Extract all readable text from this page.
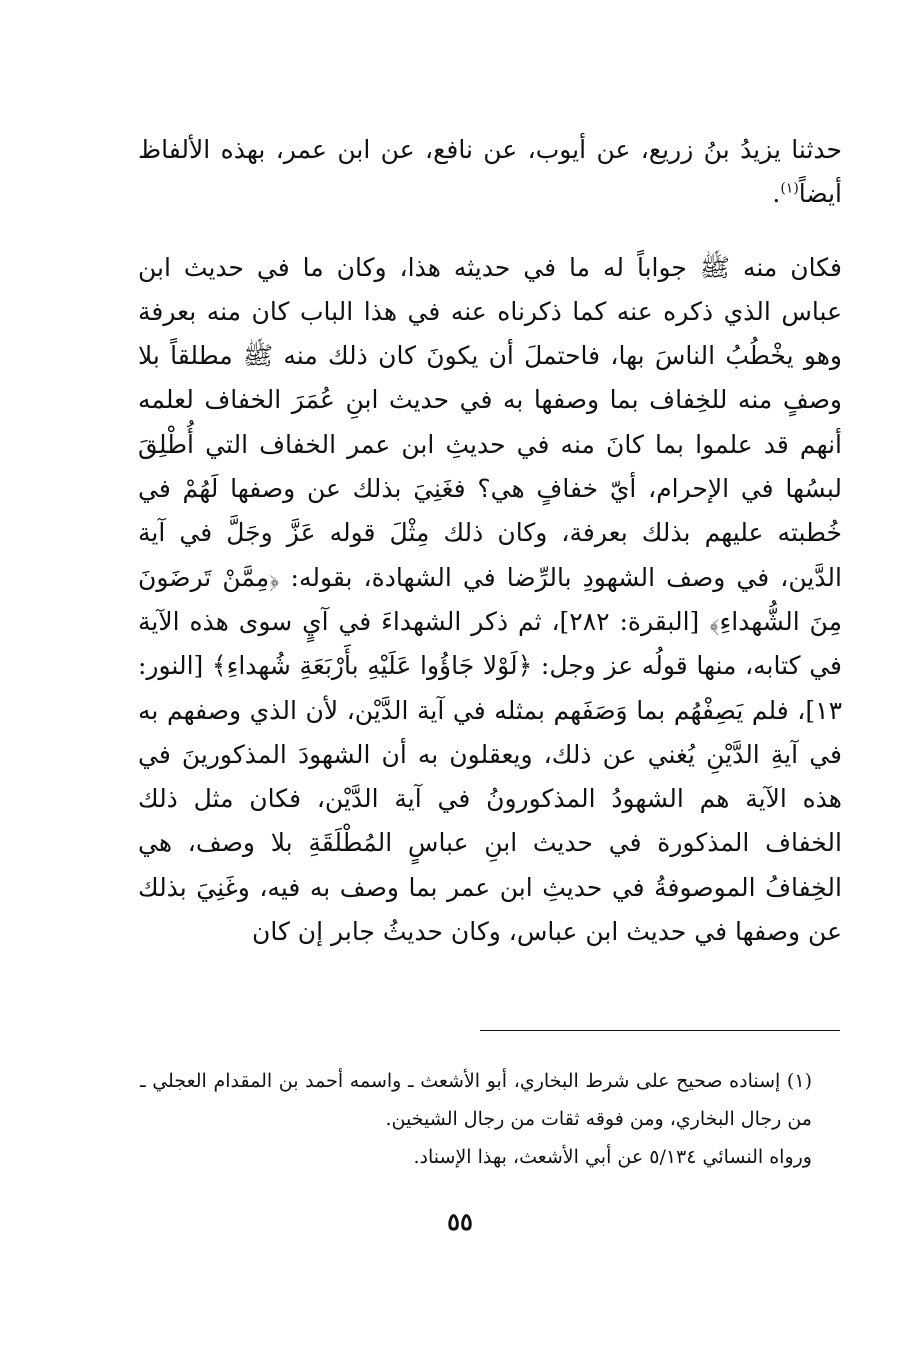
حدثنا يزيدُ بنُ زريع، عن أيوب، عن نافع، عن ابن عمر، بهذه الألفاظ أيضاً$^{(١)}$.

فكان منه ﷺ جواباً له ما في حديثه هذا، وكان ما في حديث ابن عباس الذي ذكره عنه كما ذكرناه عنه في هذا الباب كان منه بعرفة وهو يخْطُبُ الناسَ بها، فاحتملَ أن يكونَ كان ذلك منه ﷺ مطلقاً بلا وصفٍ منه للخِفاف بما وصفها به في حديث ابنِ عُمَرَ الخفاف لعلمه أنهم قد علموا بما كانَ منه في حديثِ ابن عمر الخفاف التي أُطْلِقَ لبسُها في الإحرام، أيّ خفافٍ هي؟ فغَنِيَ بذلك عن وصفها لَهُمْ في خُطبته عليهم بذلك بعرفة، وكان ذلك مِثْلَ قوله عَزَّ وجَلَّ في آية الدَّين، في وصف الشهودِ بالرِّضا في الشهادة، بقوله: ﴿مِمَّنْ تَرضَونَ مِنَ الشُّهداءِ﴾ [البقرة: ٢٨٢]، ثم ذكر الشهداءَ في آيٍ سوى هذه الآية في كتابه، منها قولُه عز وجل: ﴿لَوْلا جَاؤُوا عَلَيْهِ بأَرْبَعَةِ شُهداءِ﴾ [النور: ١٣]، فلم يَصِفْهُم بما وَصَفَهم بمثله في آية الدَّيْن، لأن الذي وصفهم به في آيةِ الدَّيْنِ يُغني عن ذلك، ويعقلون به أن الشهودَ المذكورينَ في هذه الآية هم الشهودُ المذكورونُ في آية الدَّيْن، فكان مثل ذلك الخفاف المذكورة في حديث ابنِ عباسٍ المُطْلَقَةِ بلا وصف، هي الخِفافُ الموصوفةُ في حديثِ ابن عمر بما وصف به فيه، وغَنِيَ بذلك عن وصفها في حديث ابن عباس، وكان حديثُ جابر إن كان

(١) إسناده صحيح على شرط البخاري، أبو الأشعث ـ واسمه أحمد بن المقدام العجلي ـ من رجال البخاري، ومن فوقه ثقات من رجال الشيخين.

ورواه النسائي ٥/١٣٤ عن أبي الأشعث، بهذا الإسناد.

٥٥
